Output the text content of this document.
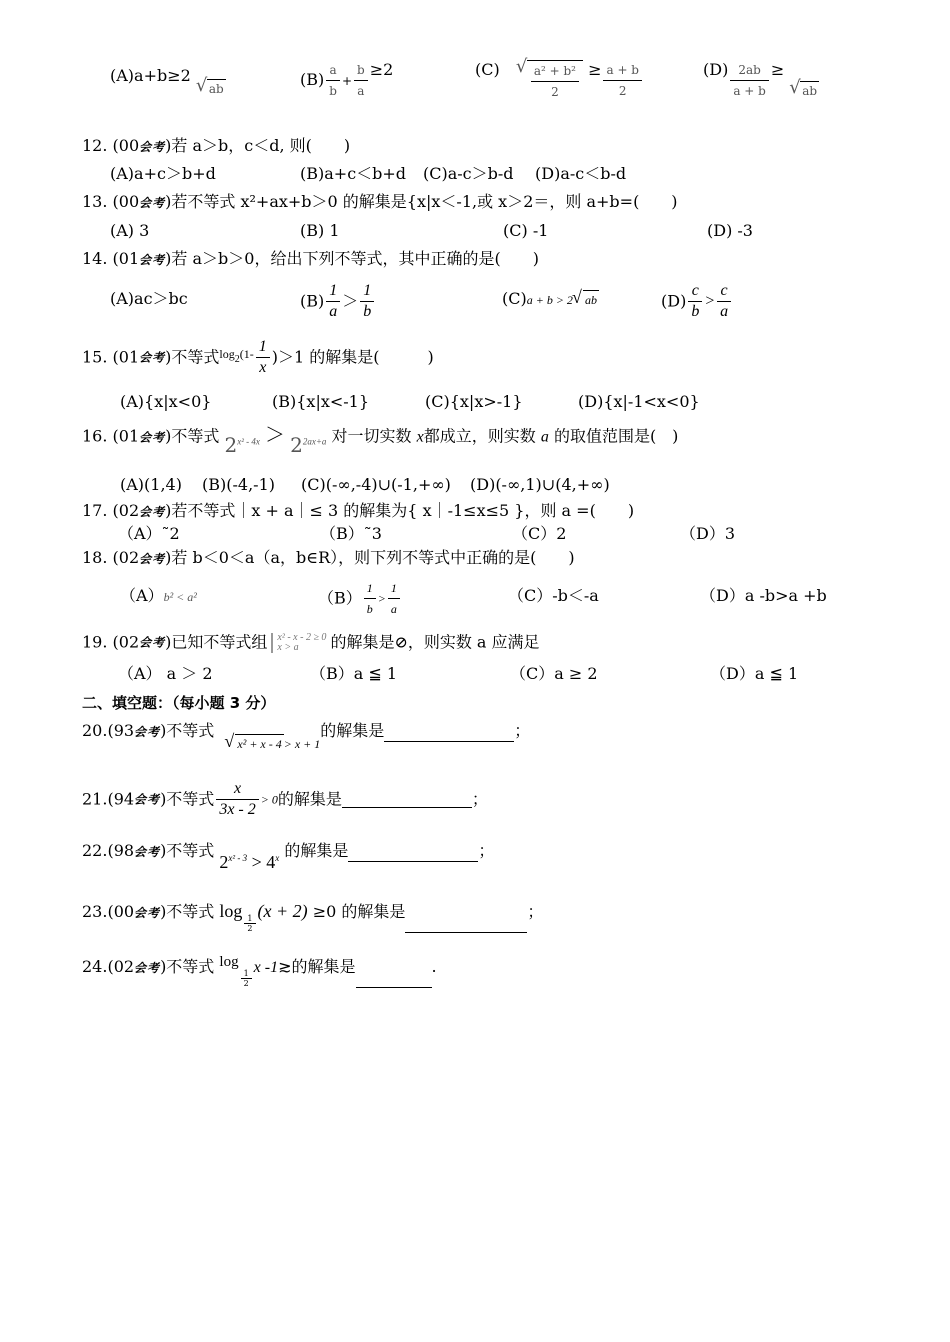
(A)a+b≥2√ ab	$(B) \frac{a}{b} + \frac{b}{a} \ge 2$	(C)	√ $\frac{\text{a² + b²}}{2} \ge \frac{a + b}{2}$	$(D) \frac{2ab}{a + b}$ ≥√ ab
12. (00会考)若 a＞b，c＜d, 则(　　)
(A)a+c＞b+d	(B)a+c＜b+d (C)a-c＞b-d (D)a-c＜b-d
13. (00会考)若不等式 x²+ax+b＞0 的解集是{x|x＜-1,或 x＞2＝，则 a+b=(　　)
(A) 3	(B) 1	(C) -1	(D) -3
14. (01会考)若 a＞b＞0，给出下列不等式，其中正确的是(　　)
(A)ac＞bc	$(B) \frac{1}{a} > \frac{1}{b}$	(C)a + b > 2 √ ab	$(D) \frac{c}{b} > \frac{c}{a}$
15. (01会考)不等式$\log_2(1- \frac{1}{x} )>1$ 的解集是(　　　)
(A){x|x<0}	(B){x|x<-1}	(C){x|x>-1}	(D){x|-1<x<0}
16. (01会考)不等式 $2^{x^2 - 4x} > 2^{2ax+a}$ 对一切实数 x都成立，则实数 a 的取值范围是(　)
(A)(1,4) (B)(-4,-1) (C)(-∞,-4)∪(-1,+∞) (D)(-∞,1)∪(4,+∞)
17. (02会考)若不等式｜x + a｜≤ 3 的解集为{ x｜-1≤x≤5 }，则 a =(　　)
（A）˜2	（B）˜3	（C）2	（D）3
18. (02会考)若 b＜0＜a（a，b∈R），则下列不等式中正确的是(　　)
（A）b² < a²	$(B) \frac{1}{b} > \frac{1}{a}$	（C）-b＜-a	（D）a -b>a +b
19. (02会考)已知不等式组 x² - x - 2 ≥ 0
x > a	的解集是⊘，则实数 a 应满足
（A） a ＞ 2	（B）a ≦ 1	（C）a ≥ 2	（D）a ≦ 1
二、填空题：（每小题 3 分）
20.(93会考)不等式 √ x² + x - 4 $_{> x + 1}$的解集是	；
21.(94会考)不等式 $\frac{x}{3x - 2} > 0$的解集是	；
22.(98会考)不等式 $2^{x^2 - 3} > 4^x$ 的解集是	；
23.(00会考)不等式 log
$\frac{1}{2}$
(x + 2) ≥0 的解集是	；
24.(02会考)不等式 log
$\frac{1}{2}$
x -1≳的解集是	.
